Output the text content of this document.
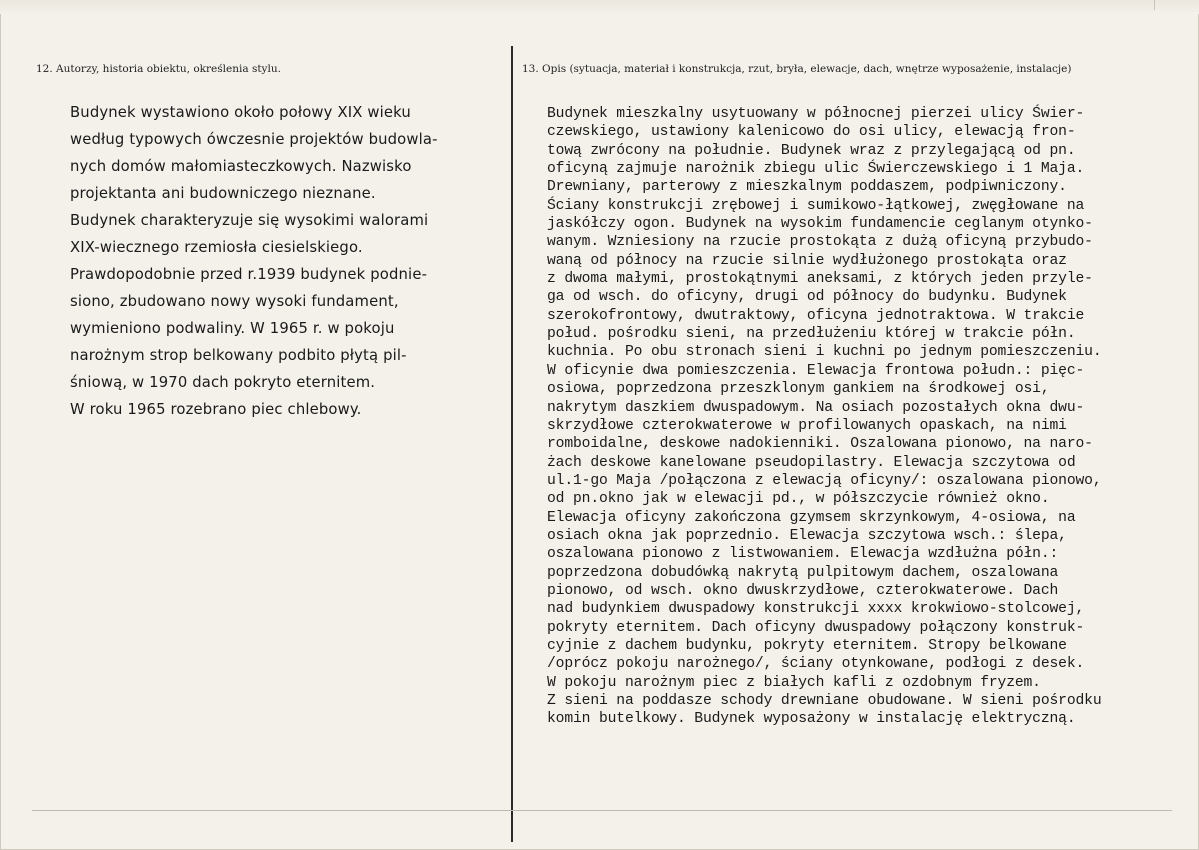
12. Autorzy, historia obiektu, określenia stylu.	13. Opis (sytuacja, materiał i konstrukcja, rzut, bryła, elewacje, dach, wnętrze wyposażenie, instalacje)
Budynek wystawiono około połowy XIX wieku
według typowych ówczesnie projektów budowla-
nych domów małomiasteczkowych. Nazwisko
projektanta ani budowniczego nieznane.
Budynek charakteryzuje się wysokimi walorami
XIX-wiecznego rzemiosła ciesielskiego.
Prawdopodobnie przed r.1939 budynek podnie-
siono, zbudowano nowy wysoki fundament,
wymieniono podwaliny. W 1965 r. w pokoju
narożnym strop belkowany podbito płytą pil-
śniową, w 1970 dach pokryto eternitem.
W roku 1965 rozebrano piec chlebowy.
Budynek mieszkalny usytuowany w północnej pierzei ulicy Świer-
czewskiego, ustawiony kalenicowo do osi ulicy, elewacją fron-
tową zwrócony na południe. Budynek wraz z przylegającą od pn.
oficyną zajmuje narożnik zbiegu ulic Świerczewskiego i 1 Maja.
Drewniany, parterowy z mieszkalnym poddaszem, podpiwniczony.
Ściany konstrukcji zrębowej i sumikowo-łątkowej, zwęgłowane na
jaskółczy ogon. Budynek na wysokim fundamencie ceglanym otynko-
wanym. Wzniesiony na rzucie prostokąta z dużą oficyną przybudo-
waną od północy na rzucie silnie wydłużonego prostokąta oraz
z dwoma małymi, prostokątnymi aneksami, z których jeden przyle-
ga od wsch. do oficyny, drugi od północy do budynku. Budynek
szerokofrontowy, dwutraktowy, oficyna jednotraktowa. W trakcie
połud. pośrodku sieni, na przedłużeniu której w trakcie półn.
kuchnia. Po obu stronach sieni i kuchni po jednym pomieszczeniu.
W oficynie dwa pomieszczenia. Elewacja frontowa połudn.: pięc-
osiowa, poprzedzona przeszklonym gankiem na środkowej osi,
nakrytym daszkiem dwuspadowym. Na osiach pozostałych okna dwu-
skrzydłowe czterokwaterowe w profilowanych opaskach, na nimi
romboidalne, deskowe nadokienniki. Oszalowana pionowo, na naro-
żach deskowe kanelowane pseudopilastry. Elewacja szczytowa od
ul.1-go Maja /połączona z elewacją oficyny/: oszalowana pionowo,
od pn.okno jak w elewacji pd., w półszczycie również okno.
Elewacja oficyny zakończona gzymsem skrzynkowym, 4-osiowa, na
osiach okna jak poprzednio. Elewacja szczytowa wsch.: ślepa,
oszalowana pionowo z listwowaniem. Elewacja wzdłużna półn.:
poprzedzona dobudówką nakrytą pulpitowym dachem, oszalowana
pionowo, od wsch. okno dwuskrzydłowe, czterokwaterowe. Dach
nad budynkiem dwuspadowy konstrukcji xxxx krokwiowo-stolcowej,
pokryty eternitem. Dach oficyny dwuspadowy połączony konstruk-
cyjnie z dachem budynku, pokryty eternitem. Stropy belkowane
/oprócz pokoju narożnego/, ściany otynkowane, podłogi z desek.
W pokoju narożnym piec z białych kafli z ozdobnym fryzem.
Z sieni na poddasze schody drewniane obudowane. W sieni pośrodku
komin butelkowy. Budynek wyposażony w instalację elektryczną.
